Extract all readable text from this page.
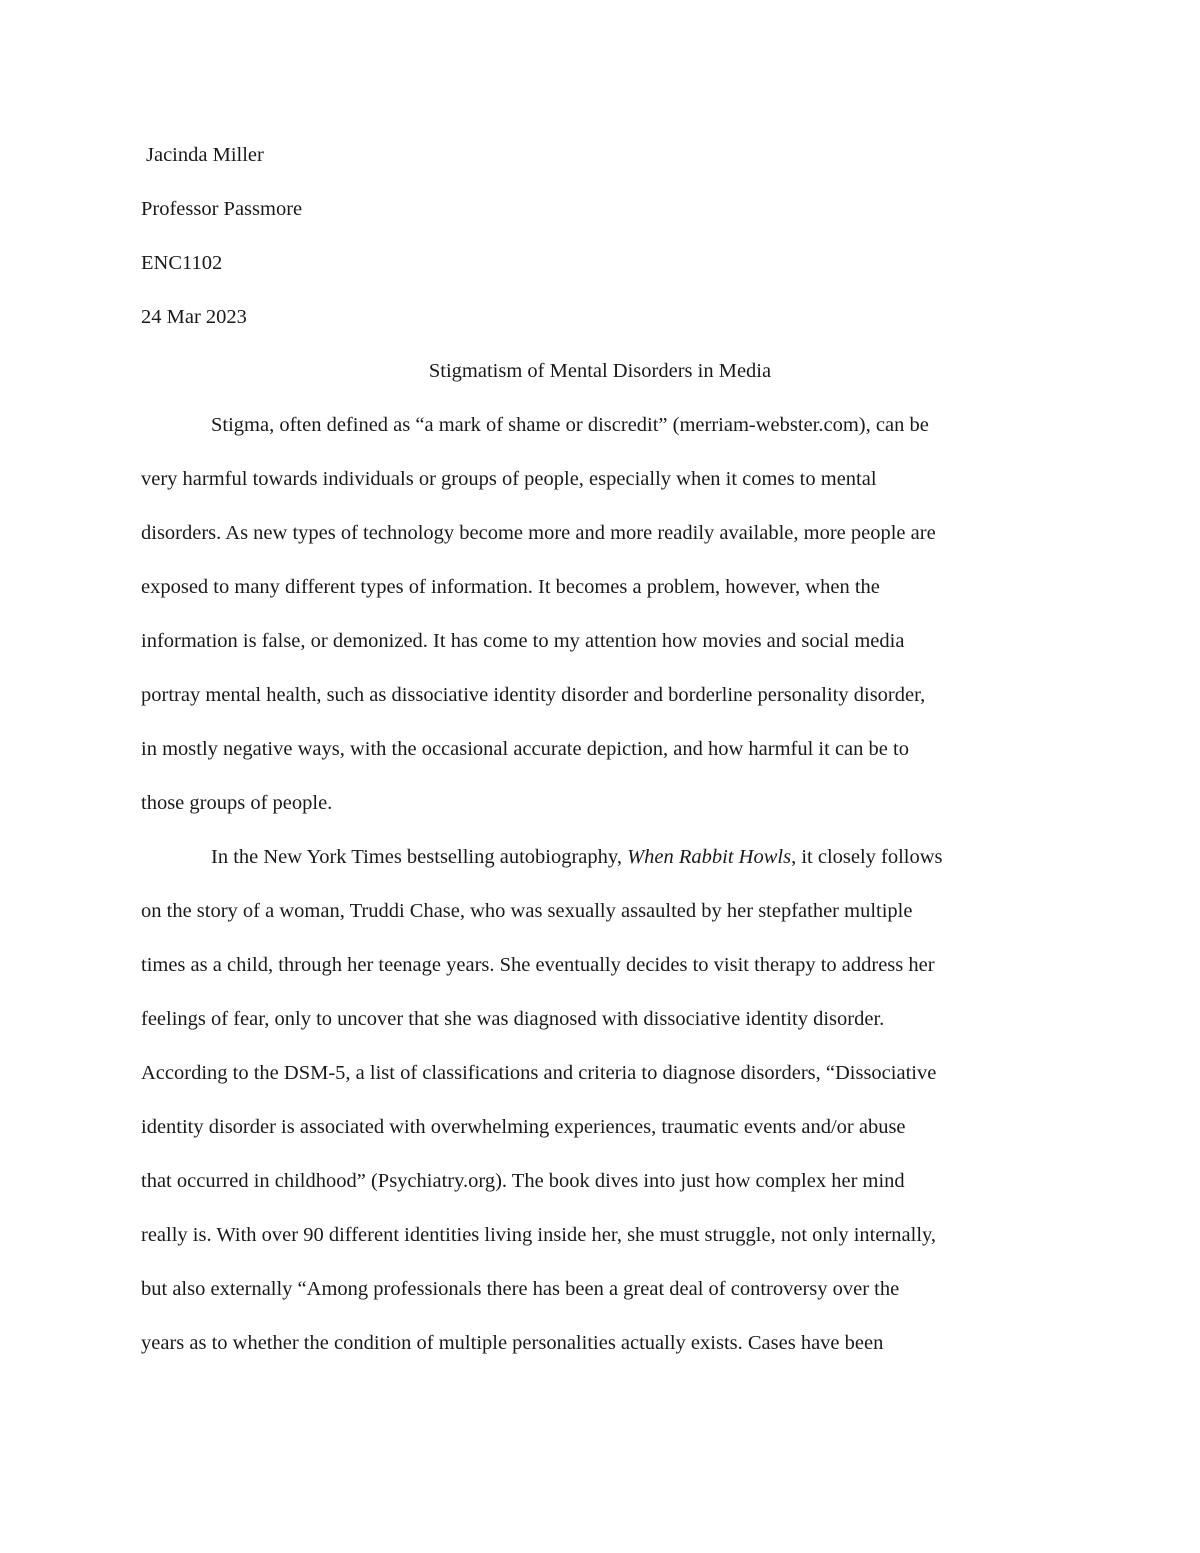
Jacinda Miller
Professor Passmore
ENC1102
24 Mar 2023
Stigmatism of Mental Disorders in Media
Stigma, often defined as “a mark of shame or discredit” (merriam-webster.com), can be
very harmful towards individuals or groups of people, especially when it comes to mental
disorders. As new types of technology become more and more readily available, more people are
exposed to many different types of information. It becomes a problem, however, when the
information is false, or demonized. It has come to my attention how movies and social media
portray mental health, such as dissociative identity disorder and borderline personality disorder,
in mostly negative ways, with the occasional accurate depiction, and how harmful it can be to
those groups of people.
In the New York Times bestselling autobiography, When Rabbit Howls, it closely follows
on the story of a woman, Truddi Chase, who was sexually assaulted by her stepfather multiple
times as a child, through her teenage years. She eventually decides to visit therapy to address her
feelings of fear, only to uncover that she was diagnosed with dissociative identity disorder.
According to the DSM-5, a list of classifications and criteria to diagnose disorders, “Dissociative
identity disorder is associated with overwhelming experiences, traumatic events and/or abuse
that occurred in childhood” (Psychiatry.org). The book dives into just how complex her mind
really is. With over 90 different identities living inside her, she must struggle, not only internally,
but also externally “Among professionals there has been a great deal of controversy over the
years as to whether the condition of multiple personalities actually exists. Cases have been
